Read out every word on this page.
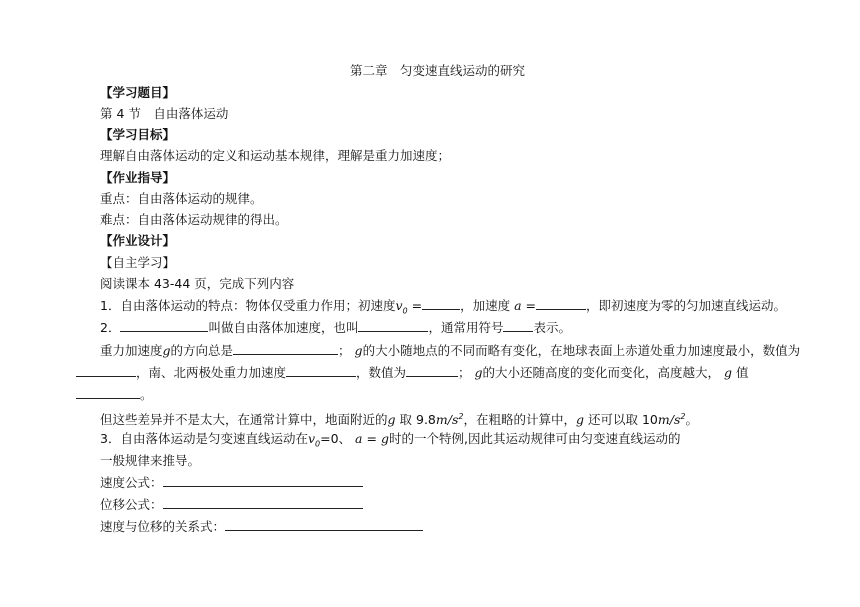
第二章　匀变速直线运动的研究
【学习题目】
第 4 节　自由落体运动
【学习目标】
理解自由落体运动的定义和运动基本规律，理解是重力加速度；
【作业指导】
重点：自由落体运动的规律。
难点：自由落体运动规律的得出。
【作业设计】
【自主学习】
阅读课本 43-44 页，完成下列内容
1．自由落体运动的特点：物体仅受重力作用；初速度$v_0$ =	，加速度 a =	，即初速度为零的匀加速直线运动。
2．	叫做自由落体加速度，也叫	，通常用符号 表示。
重力加速度g的方向总是	； g的大小随地点的不同而略有变化，在地球表面上赤道处重力加速度最小，数值为
，南、北两极处重力加速度	，数值为	； g的大小还随高度的变化而变化，高度越大， g 值
。
但这些差异并不是太大，在通常计算中，地面附近的g 取 $9.8m/s^2$，在粗略的计算中，g 还可以取 $10m/s^2$。
3．自由落体运动是匀变速直线运动在$v_0=0$、 a = g时的一个特例,因此其运动规律可由匀变速直线运动的
一般规律来推导。
速度公式：
位移公式：
速度与位移的关系式：
